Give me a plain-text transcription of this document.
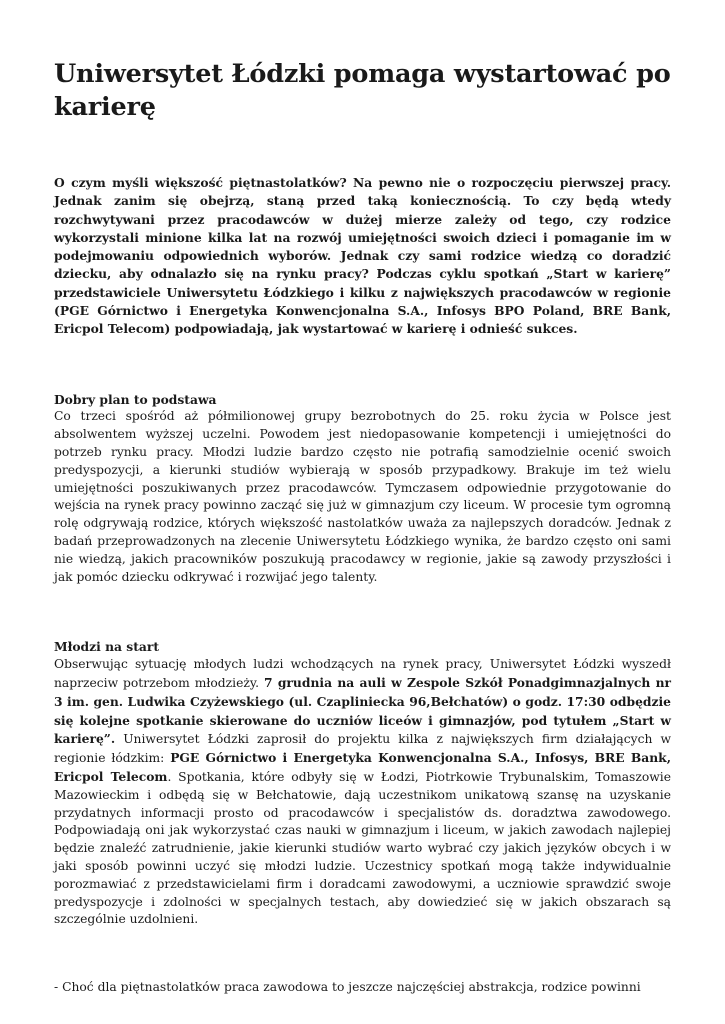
Uniwersytet Łódzki pomaga wystartować po karierę

O czym myśli większość piętnastolatków? Na pewno nie o rozpoczęciu pierwszej pracy. Jednak zanim się obejrzą, staną przed taką koniecznością. To czy będą wtedy rozchwytywani przez pracodawców w dużej mierze zależy od tego, czy rodzice wykorzystali minione kilka lat na rozwój umiejętności swoich dzieci i pomaganie im w podejmowaniu odpowiednich wyborów. Jednak czy sami rodzice wiedzą co doradzić dziecku, aby odnalazło się na rynku pracy? Podczas cyklu spotkań „Start w karierę” przedstawiciele Uniwersytetu Łódzkiego i kilku z największych pracodawców w regionie (PGE Górnictwo i Energetyka Konwencjonalna S.A., Infosys BPO Poland, BRE Bank, Ericpol Telecom) podpowiadają, jak wystartować w karierę i odnieść sukces.

Dobry plan to podstawa

Co trzeci spośród aż półmilionowej grupy bezrobotnych do 25. roku życia w Polsce jest absolwentem wyższej uczelni. Powodem jest niedopasowanie kompetencji i umiejętności do potrzeb rynku pracy. Młodzi ludzie bardzo często nie potrafią samodzielnie ocenić swoich predyspozycji, a kierunki studiów wybierają w sposób przypadkowy. Brakuje im też wielu umiejętności poszukiwanych przez pracodawców. Tymczasem odpowiednie przygotowanie do wejścia na rynek pracy powinno zacząć się już w gimnazjum czy liceum. W procesie tym ogromną rolę odgrywają rodzice, których większość nastolatków uważa za najlepszych doradców. Jednak z badań przeprowadzonych na zlecenie Uniwersytetu Łódzkiego wynika, że bardzo często oni sami nie wiedzą, jakich pracowników poszukują pracodawcy w regionie, jakie są zawody przyszłości i jak pomóc dziecku odkrywać i rozwijać jego talenty.

Młodzi na start

Obserwując sytuację młodych ludzi wchodzących na rynek pracy, Uniwersytet Łódzki wyszedł naprzeciw potrzebom młodzieży. 7 grudnia na auli w Zespole Szkół Ponadgimnazjalnych nr 3 im. gen. Ludwika Czyżewskiego (ul. Czapliniecka 96,Bełchatów) o godz. 17:30 odbędzie się kolejne spotkanie skierowane do uczniów liceów i gimnazjów, pod tytułem „Start w karierę”. Uniwersytet Łódzki zaprosił do projektu kilka z największych firm działających w regionie łódzkim: PGE Górnictwo i Energetyka Konwencjonalna S.A., Infosys, BRE Bank, Ericpol Telecom. Spotkania, które odbyły się w Łodzi, Piotrkowie Trybunalskim, Tomaszowie Mazowieckim i odbędą się w Bełchatowie, dają uczestnikom unikatową szansę na uzyskanie przydatnych informacji prosto od pracodawców i specjalistów ds. doradztwa zawodowego. Podpowiadają oni jak wykorzystać czas nauki w gimnazjum i liceum, w jakich zawodach najlepiej będzie znaleźć zatrudnienie, jakie kierunki studiów warto wybrać czy jakich języków obcych i w jaki sposób powinni uczyć się młodzi ludzie. Uczestnicy spotkań mogą także indywidualnie porozmawiać z przedstawicielami firm i doradcami zawodowymi, a uczniowie sprawdzić swoje predyspozycje i zdolności w specjalnych testach, aby dowiedzieć się w jakich obszarach są szczególnie uzdolnieni.

- Choć dla piętnastolatków praca zawodowa to jeszcze najczęściej abstrakcja, rodzice powinni
